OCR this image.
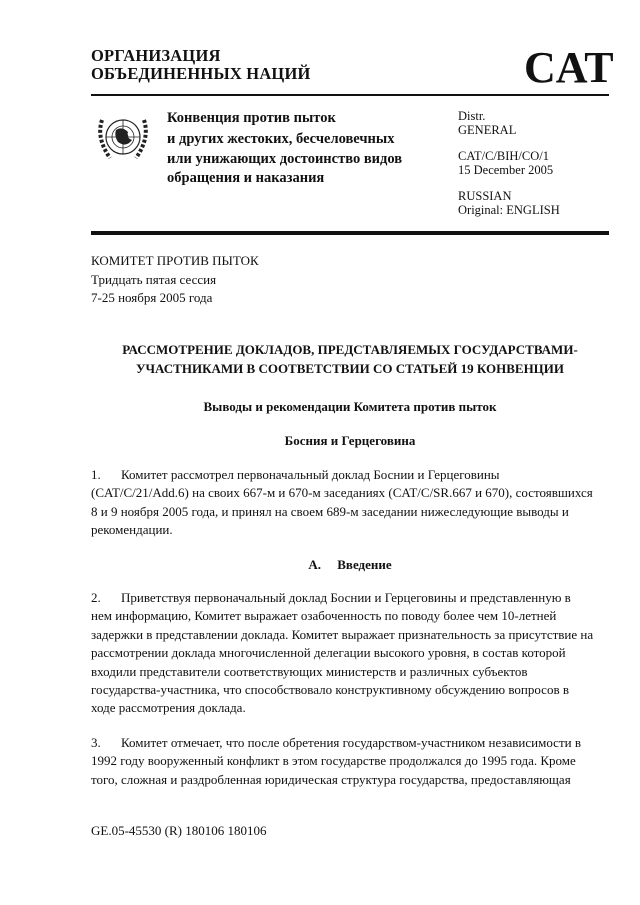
ОРГАНИЗАЦИЯ
ОБЪЕДИНЕННЫХ НАЦИЙ	CAT
Конвенция против пыток
и других жестоких, бесчеловечных
или унижающих достоинство видов
обращения и наказания
Distr.
GENERAL
CAT/C/BIH/CO/1
15 December 2005
RUSSIAN
Original: ENGLISH
КОМИТЕТ ПРОТИВ ПЫТОК
Тридцать пятая сессия
7-25 ноября 2005 года
РАССМОТРЕНИЕ ДОКЛАДОВ, ПРЕДСТАВЛЯЕМЫХ ГОСУДАРСТВАМИ-
УЧАСТНИКАМИ В СООТВЕТСТВИИ СО СТАТЬЕЙ 19 КОНВЕНЦИИ
Выводы и рекомендации Комитета против пыток
Босния и Герцеговина
1. Комитет рассмотрел первоначальный доклад Боснии и Герцеговины
(CAT/C/21/Add.6) на своих 667-м и 670-м заседаниях (CAT/C/SR.667 и 670), состоявшихся
8 и 9 ноября 2005 года, и принял на своем 689-м заседании нижеследующие выводы и
рекомендации.
A. Введение
2. Приветствуя первоначальный доклад Боснии и Герцеговины и представленную в
нем информацию, Комитет выражает озабоченность по поводу более чем 10-летней
задержки в представлении доклада. Комитет выражает признательность за присутствие на
рассмотрении доклада многочисленной делегации высокого уровня, в состав которой
входили представители соответствующих министерств и различных субъектов
государства-участника, что способствовало конструктивному обсуждению вопросов в
ходе рассмотрения доклада.
3. Комитет отмечает, что после обретения государством-участником независимости в
1992 году вооруженный конфликт в этом государстве продолжался до 1995 года. Кроме
того, сложная и раздробленная юридическая структура государства, предоставляющая
GE.05-45530 (R) 180106 180106
